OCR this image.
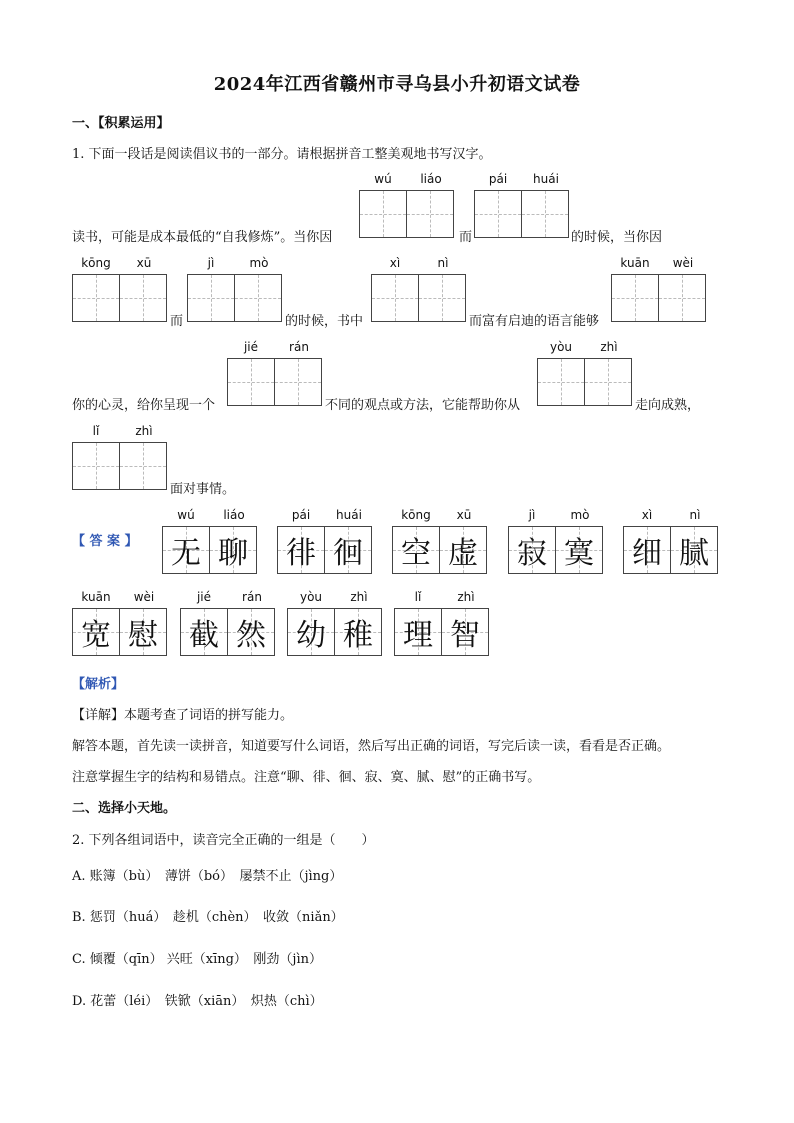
2024年江西省赣州市寻乌县小升初语文试卷
一、【积累运用】
1. 下面一段话是阅读倡议书的一部分。请根据拼音工整美观地书写汉字。
wú	liáo	pái	huái
读书，可能是成本最低的“自我修炼”。当你因	而	的时候，当你因
kōng	xū
而
jì	mò
的时候，书中
xì	nì
而富有启迪的语言能够
kuān	wèi
你的心灵，给你呈现一个
jié	rán
不同的观点或方法，它能帮助你从
yòu	zhì
走向成熟，
lǐ	zhì
面对事情。
【 答 案 】
wú	liáo
无 聊
pái	huái
徘 徊
kōng	xū
空 虚
jì	mò
寂 寞
xì	nì
细 腻
kuān	wèi
宽 慰
jié	rán
截 然
yòu	zhì
幼 稚
lǐ	zhì
理 智
【解析】
【详解】本题考查了词语的拼写能力。
解答本题，首先读一读拼音，知道要写什么词语，然后写出正确的词语，写完后读一读，看看是否正确。
注意掌握生字的结构和易错点。注意“聊、徘、徊、寂、寞、腻、慰”的正确书写。
二、选择小天地。
2. 下列各组词语中，读音完全正确的一组是（　　）
A. 账簿（bù）　薄饼（bó）　屡禁不止（jìng）
B. 惩罚（huá）　趁机（chèn）　收敛（niǎn）
C. 倾覆（qīn） 兴旺（xīng）　刚劲（jìn）
D. 花蕾（léi）　铁锨（xiān）　炽热（chì）
